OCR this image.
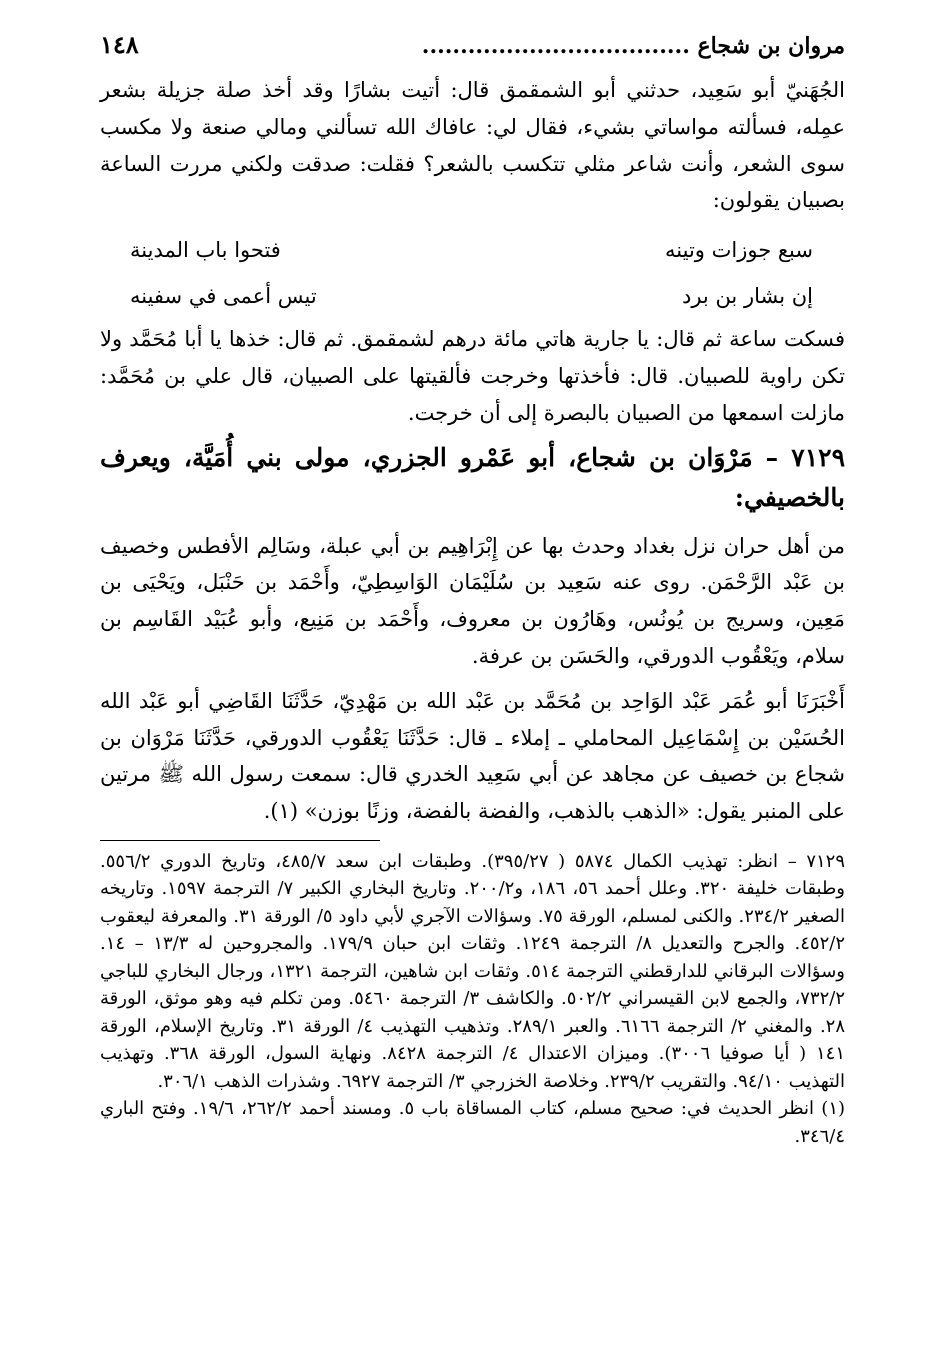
مروان بن شجاع ...................................
١٤٨

الجُهَنيّ أبو سَعِيد، حدثني أبو الشمقمق قال: أتيت بشارًا وقد أخذ صلة جزيلة بشعر عمِله، فسألته مواساتي بشيء، فقال لي: عافاك الله تسألني ومالي صنعة ولا مكسب سوى الشعر، وأنت شاعر مثلي تتكسب بالشعر؟ فقلت: صدقت ولكني مررت الساعة بصبيان يقولون:

سبع جوزات وتينه
فتحوا باب المدينة
إن بشار بن برد
تيس أعمى في سفينه

فسكت ساعة ثم قال: يا جارية هاتي مائة درهم لشمقمق. ثم قال: خذها يا أبا مُحَمَّد ولا تكن راوية للصبيان. قال: فأخذتها وخرجت فألقيتها على الصبيان، قال علي بن مُحَمَّد: مازلت اسمعها من الصبيان بالبصرة إلى أن خرجت.

٧١٢٩ – مَرْوَان بن شجاع، أبو عَمْرو الجزري، مولى بني أُمَيَّة، ويعرف بالخصيفي:

من أهل حران نزل بغداد وحدث بها عن إِبْرَاهِيم بن أبي عبلة، وسَالِم الأفطس وخصيف بن عَبْد الرَّحْمَن. روى عنه سَعِيد بن سُلَيْمَان الوَاسِطِيّ، وأَحْمَد بن حَنْبَل، ويَحْيَى بن مَعِين، وسريج بن يُونُس، وهَارُون بن معروف، وأَحْمَد بن مَنِيع، وأبو عُبَيْد القَاسِم بن سلام، ويَعْقُوب الدورقي، والحَسَن بن عرفة.

أَخْبَرَنَا أبو عُمَر عَبْد الوَاحِد بن مُحَمَّد بن عَبْد الله بن مَهْدِيّ، حَدَّثَنَا القَاضِي أبو عَبْد الله الحُسَيْن بن إِسْمَاعِيل المحاملي ـ إملاء ـ قال: حَدَّثَنَا يَعْقُوب الدورقي، حَدَّثَنَا مَرْوَان بن شجاع بن خصيف عن مجاهد عن أبي سَعِيد الخدري قال: سمعت رسول الله ﷺ مرتين على المنبر يقول: «الذهب بالذهب، والفضة بالفضة، وزنًا بوزن» (١).

٧١٢٩ – انظر: تهذيب الكمال ٥٨٧٤ ( ٣٩٥/٢٧). وطبقات ابن سعد ٤٨٥/٧، وتاريخ الدوري ٥٥٦/٢. وطبقات خليفة ٣٢٠. وعلل أحمد ٥٦، ١٨٦، و٢٠٠/٢. وتاريخ البخاري الكبير ٧/ الترجمة ١٥٩٧. وتاريخه الصغير ٢٣٤/٢. والكنى لمسلم، الورقة ٧٥. وسؤالات الآجري لأبي داود ٥/ الورقة ٣١. والمعرفة ليعقوب ٤٥٢/٢. والجرح والتعديل ٨/ الترجمة ١٢٤٩. وثقات ابن حبان ١٧٩/٩. والمجروحين له ١٣/٣ – ١٤. وسؤالات البرقاني للدارقطني الترجمة ٥١٤. وثقات ابن شاهين، الترجمة ١٣٢١، ورجال البخاري للباجي ٧٣٢/٢، والجمع لابن القيسراني ٥٠٢/٢. والكاشف ٣/ الترجمة ٥٤٦٠. ومن تكلم فيه وهو موثق، الورقة ٢٨. والمغني ٢/ الترجمة ٦١٦٦. والعبر ٢٨٩/١. وتذهيب التهذيب ٤/ الورقة ٣١. وتاريخ الإسلام، الورقة ١٤١ ( أيا صوفيا ٣٠٠٦). وميزان الاعتدال ٤/ الترجمة ٨٤٢٨. ونهاية السول، الورقة ٣٦٨. وتهذيب التهذيب ٩٤/١٠. والتقريب ٢٣٩/٢. وخلاصة الخزرجي ٣/ الترجمة ٦٩٢٧. وشذرات الذهب ٣٠٦/١.

(١) انظر الحديث في: صحيح مسلم، كتاب المساقاة باب ٥. ومسند أحمد ٢٦٢/٢، ١٩/٦. وفتح الباري ٣٤٦/٤.
